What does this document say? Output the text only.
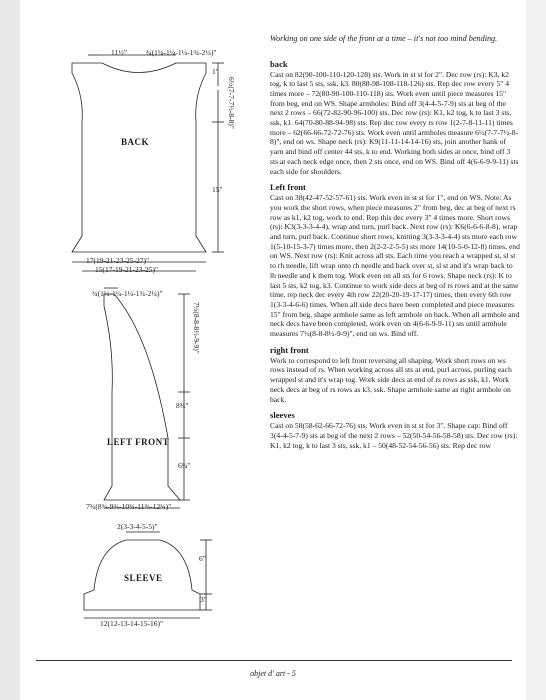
11½"	¾(1¼-1¼-1¼-1¾-2¼)"
1"
6½(7-7-7½-8-8)"
15"
BACK
17(19-21-23-25-27)"
15(17-19-21-23-25)"
¾(1¼-1¼-1¼-1¾-2¼)"
7½(8-8-8½-9-9)"
8¾"
6¼"
LEFT FRONT
7¾(8¾-9¾-10¾-11¾-12¾)"
2(3-3-4-5-5)"
6"
3"
SLEEVE
12(12-13-14-15-16)"

Working on one side of the front at a time – it's not too mind bending.

back

Cast on 82(90-100-110-120-128) sts. Work in st st for 2". Dec row (rs): K3, k2 tog, k to last 5 sts, ssk, k3. 80(88-98-108-118-126) sts. Rep dec row every 5" 4 times more – 72(80-90-100-110-118) sts. Work even until piece measures 15" from beg, end on WS. Shape armholes: Bind off 3(4-4-5-7-9) sts at beg of the next 2 rows – 66(72-82-90-96-100) sts. Dec row (rs): K1, k2 tog, k to last 3 sts, ssk, k1. 64(70-80-88-94-98) sts. Rep dec row every rs row 1(2-7-8-11-11) times more – 62(66-66-72-72-76) sts. Work even until armholes measure 6½(7-7-7½-8-8)", end on ws. Shape neck (rs): K9(11-11-14-14-16) sts, join another hank of yarn and bind off center 44 sts, k to end. Working both sides at once, bind off 3 sts at each neck edge once, then 2 sts once, end on WS. Bind off 4(6-6-9-9-11) sts each side for shoulders.

Left front

Cast on 38(42-47-52-57-61) sts. Work even in st st for 1", end on WS. Note: As you work the short rows, when piece measures 2" from beg, dec at beg of next rs row as k1, k2 tog, work to end. Rep this dec every 3" 4 times more. Short rows (rs): K3(3-3-3-4-4), wrap and turn, purl back. Next row (rs): K6(6-6-6-8-8), wrap and turn, purl back. Continue short rows, knitting 3(3-3-3-4-4) sts more each row 1(5-10-15-3-7) times more, then 2(2-2-2-5-5) sts more 14(10-5-0-12-8) times, end on WS. Next row (rs): Knit across all sts. Each time you reach a wrapped st, sl st to rh needle, lift wrap onto rh needle and back over st, sl st and it's wrap back to lh needle and k them tog. Work even on all sts for 6 rows. Shape neck (rs): K to last 5 sts, k2 tog, k3. Continue to work side decs at beg of rs rows and at the same time, rep neck dec every 4th row 22(20-20-19-17-17) times, then every 6th row 1(3-3-4-6-6) times. When all side decs have been completed and piece measures 15" from beg, shape armhole same as left armhole on back. When all armhole and neck decs have been completed, work even on 4(6-6-9-9-11) sts until armhole measures 7½(8-8-8½-9-9)", end on ws. Bind off.

right front

Work to correspond to left front reversing all shaping. Work short rows on ws rows instead of rs. When working across all sts at end, purl across, purling each wrapped st and it's wrap tog. Work side decs at end of rs rows as ssk, k1. Work neck decs at beg of rs rows as k3, ssk. Shape armhole same as right armhole on back.

sleeves

Cast on 58(58-62-66-72-76) sts. Work even in st st for 3". Shape cap: Bind off 3(4-4-5-7-9) sts at beg of the next 2 rows – 52(50-54-56-58-58) sts. Dec row (rs): K1, k2 tog, k to last 3 sts, ssk, k1 – 50(48-52-54-56-56) sts. Rep dec row

objet d' art - 5
